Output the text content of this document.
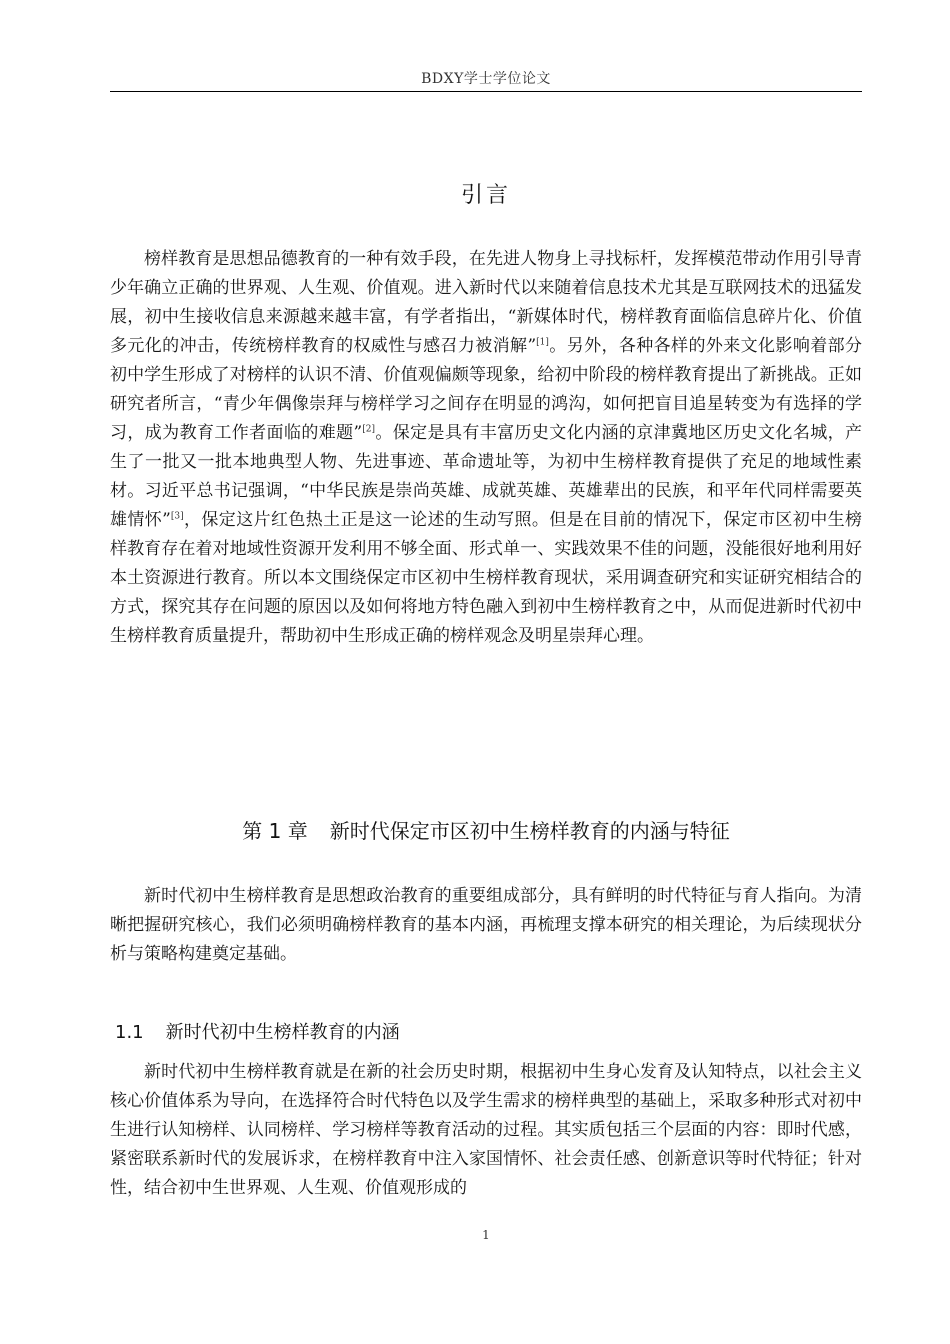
BDXY学士学位论文
引言

榜样教育是思想品德教育的一种有效手段，在先进人物身上寻找标杆，发挥模范带动作用引导青少年确立正确的世界观、人生观、价值观。进入新时代以来随着信息技术尤其是互联网技术的迅猛发展，初中生接收信息来源越来越丰富，有学者指出，“新媒体时代，榜样教育面临信息碎片化、价值多元化的冲击，传统榜样教育的权威性与感召力被消解”[1]。另外，各种各样的外来文化影响着部分初中学生形成了对榜样的认识不清、价值观偏颇等现象，给初中阶段的榜样教育提出了新挑战。正如研究者所言，“青少年偶像崇拜与榜样学习之间存在明显的鸿沟，如何把盲目追星转变为有选择的学习，成为教育工作者面临的难题”[2]。保定是具有丰富历史文化内涵的京津冀地区历史文化名城，产生了一批又一批本地典型人物、先进事迹、革命遗址等，为初中生榜样教育提供了充足的地域性素材。习近平总书记强调，“中华民族是崇尚英雄、成就英雄、英雄辈出的民族，和平年代同样需要英雄情怀”[3]，保定这片红色热土正是这一论述的生动写照。但是在目前的情况下，保定市区初中生榜样教育存在着对地域性资源开发利用不够全面、形式单一、实践效果不佳的问题，没能很好地利用好本土资源进行教育。所以本文围绕保定市区初中生榜样教育现状，采用调查研究和实证研究相结合的方式，探究其存在问题的原因以及如何将地方特色融入到初中生榜样教育之中，从而促进新时代初中生榜样教育质量提升，帮助初中生形成正确的榜样观念及明星崇拜心理。

第 1 章 新时代保定市区初中生榜样教育的内涵与特征

新时代初中生榜样教育是思想政治教育的重要组成部分，具有鲜明的时代特征与育人指向。为清晰把握研究核心，我们必须明确榜样教育的基本内涵，再梳理支撑本研究的相关理论，为后续现状分析与策略构建奠定基础。

1.1 新时代初中生榜样教育的内涵

新时代初中生榜样教育就是在新的社会历史时期，根据初中生身心发育及认知特点，以社会主义核心价值体系为导向，在选择符合时代特色以及学生需求的榜样典型的基础上，采取多种形式对初中生进行认知榜样、认同榜样、学习榜样等教育活动的过程。其实质包括三个层面的内容：即时代感，紧密联系新时代的发展诉求，在榜样教育中注入家国情怀、社会责任感、创新意识等时代特征；针对性，结合初中生世界观、人生观、价值观形成的

1
